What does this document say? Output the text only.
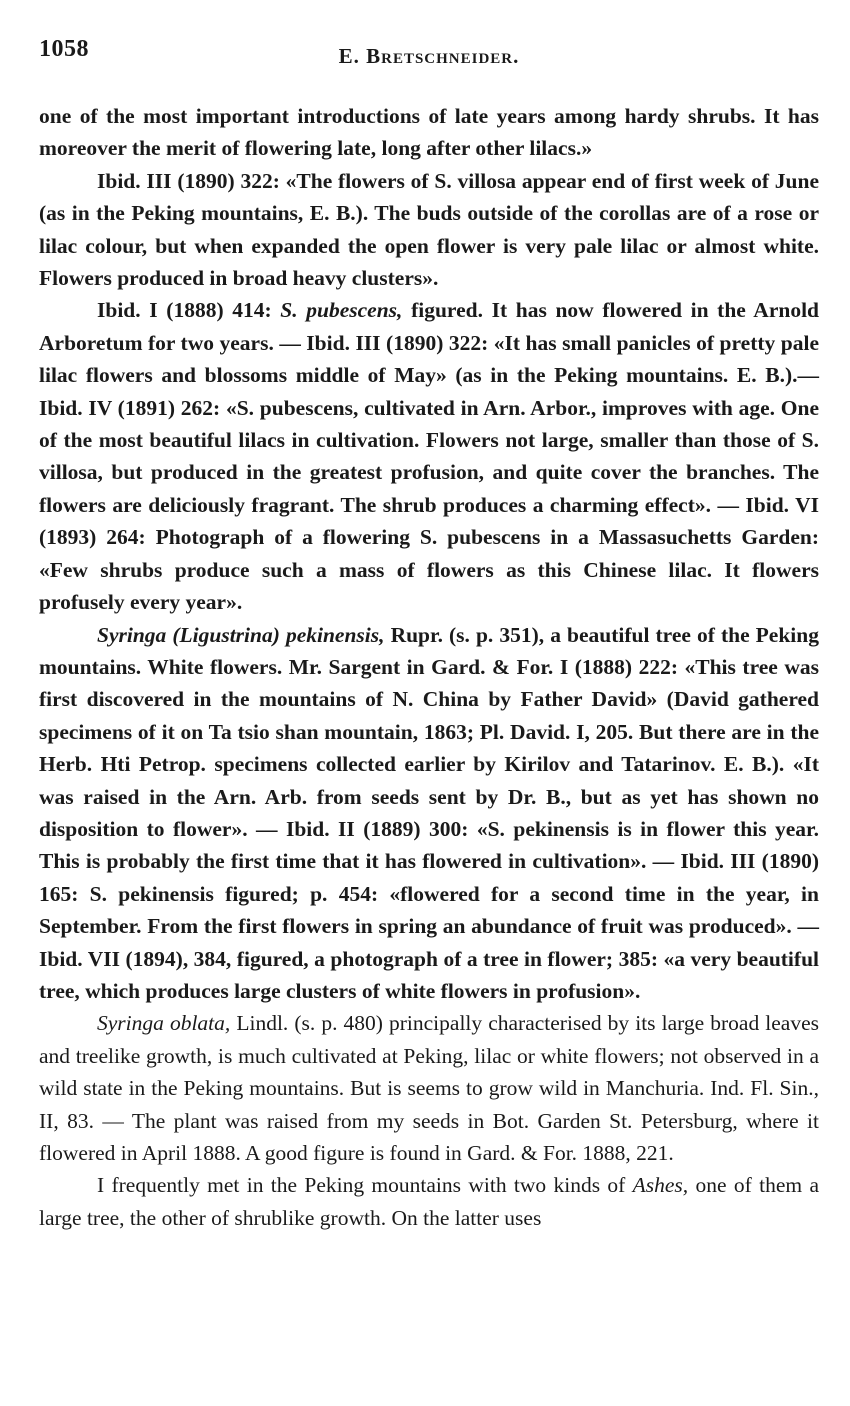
1058	E. Bretschneider.

one of the most important introductions of late years among hardy shrubs. It has moreover the merit of flowering late, long after other lilacs.»

Ibid. III (1890) 322: «The flowers of S. villosa appear end of first week of June (as in the Peking mountains, E. B.). The buds outside of the corollas are of a rose or lilac colour, but when expanded the open flower is very pale lilac or almost white. Flowers produced in broad heavy clusters».

Ibid. I (1888) 414: S. pubescens, figured. It has now flowered in the Arnold Arboretum for two years. — Ibid. III (1890) 322: «It has small panicles of pretty pale lilac flowers and blossoms middle of May» (as in the Peking mountains. E. B.).—Ibid. IV (1891) 262: «S. pubescens, cultivated in Arn. Arbor., improves with age. One of the most beautiful lilacs in cultivation. Flowers not large, smaller than those of S. villosa, but produced in the greatest profusion, and quite cover the branches. The flowers are deliciously fragrant. The shrub produces a charming effect». — Ibid. VI (1893) 264: Photograph of a flowering S. pubescens in a Massasuchetts Garden: «Few shrubs produce such a mass of flowers as this Chinese lilac. It flowers profusely every year».

Syringa (Ligustrina) pekinensis, Rupr. (s. p. 351), a beautiful tree of the Peking mountains. White flowers. Mr. Sargent in Gard. & For. I (1888) 222: «This tree was first discovered in the mountains of N. China by Father David» (David gathered specimens of it on Ta tsio shan mountain, 1863; Pl. David. I, 205. But there are in the Herb. Hti Petrop. specimens collected earlier by Kirilov and Tatarinov. E. B.). «It was raised in the Arn. Arb. from seeds sent by Dr. B., but as yet has shown no disposition to flower». — Ibid. II (1889) 300: «S. pekinensis is in flower this year. This is probably the first time that it has flowered in cultivation». — Ibid. III (1890) 165: S. pekinensis figured; p. 454: «flowered for a second time in the year, in September. From the first flowers in spring an abundance of fruit was produced». — Ibid. VII (1894), 384, figured, a photograph of a tree in flower; 385: «a very beautiful tree, which produces large clusters of white flowers in profusion».

Syringa oblata, Lindl. (s. p. 480) principally characterised by its large broad leaves and treelike growth, is much cultivated at Peking, lilac or white flowers; not observed in a wild state in the Peking mountains. But is seems to grow wild in Manchuria. Ind. Fl. Sin., II, 83. — The plant was raised from my seeds in Bot. Garden St. Petersburg, where it flowered in April 1888. A good figure is found in Gard. & For. 1888, 221.

I frequently met in the Peking mountains with two kinds of Ashes, one of them a large tree, the other of shrublike growth. On the latter uses
